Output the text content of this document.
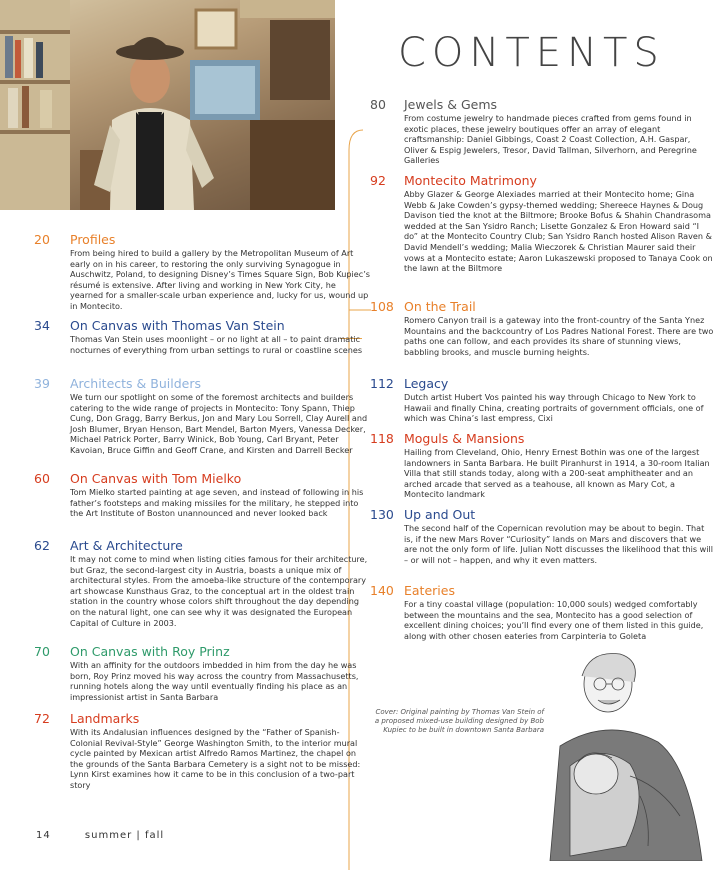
CONTENTS
20	Profiles
From being hired to build a gallery by the Metropolitan Museum of Art early on in his career, to restoring the only surviving Synagogue in Auschwitz, Poland, to designing Disney’s Times Square Sign, Bob Kupiec’s résumé is extensive. After living and working in New York City, he yearned for a smaller-scale urban experience and, lucky for us, wound up in Montecito.
34	On Canvas with Thomas Van Stein
Thomas Van Stein uses moonlight – or no light at all – to paint dramatic nocturnes of everything from urban settings to rural or coastline scenes
39	Architects & Builders
We turn our spotlight on some of the foremost architects and builders catering to the wide range of projects in Montecito: Tony Spann, Thiep Cung, Don Gragg, Barry Berkus, Jon and Mary Lou Sorrell, Clay Aurell and Josh Blumer, Bryan Henson, Bart Mendel, Barton Myers, Vanessa Decker, Michael Patrick Porter, Barry Winick, Bob Young, Carl Bryant, Peter Kavoian, Bruce Giffin and Geoff Crane, and Kirsten and Darrell Becker
60	On Canvas with Tom Mielko
Tom Mielko started painting at age seven, and instead of following in his father’s footsteps and making missiles for the military, he stepped into the Art Institute of Boston unannounced and never looked back
62	Art & Architecture
It may not come to mind when listing cities famous for their architecture, but Graz, the second-largest city in Austria, boasts a unique mix of architectural styles. From the amoeba-like structure of the contemporary art showcase Kunsthaus Graz, to the conceptual art in the oldest train station in the country whose colors shift throughout the day depending on the natural light, one can see why it was designated the European Capital of Culture in 2003.
70	On Canvas with Roy Prinz
With an affinity for the outdoors imbedded in him from the day he was born, Roy Prinz moved his way across the country from Massachusetts, running hotels along the way until eventually finding his place as an impressionist artist in Santa Barbara
72	Landmarks
With its Andalusian influences designed by the “Father of Spanish-Colonial Revival-Style” George Washington Smith, to the interior mural cycle painted by Mexican artist Alfredo Ramos Martinez, the chapel on the grounds of the Santa Barbara Cemetery is a sight not to be missed: Lynn Kirst examines how it came to be in this conclusion of a two-part story
80	Jewels & Gems
From costume jewelry to handmade pieces crafted from gems found in exotic places, these jewelry boutiques offer an array of elegant craftsmanship: Daniel Gibbings, Coast 2 Coast Collection, A.H. Gaspar, Oliver & Espig Jewelers, Tresor, David Tallman, Silverhorn, and Peregrine Galleries
92	Montecito Matrimony
Abby Glazer & George Alexiades married at their Montecito home; Gina Webb & Jake Cowden’s gypsy-themed wedding; Shereece Haynes & Doug Davison tied the knot at the Biltmore; Brooke Bofus & Shahin Chandrasoma wedded at the San Ysidro Ranch; Lisette Gonzalez & Eron Howard said “I do” at the Montecito Country Club; San Ysidro Ranch hosted Alison Raven & David Mendell’s wedding; Malia Wieczorek & Christian Maurer said their vows at a Montecito estate; Aaron Lukaszewski proposed to Tanaya Cook on the lawn at the Biltmore
108 On the Trail
Romero Canyon trail is a gateway into the front-country of the Santa Ynez Mountains and the backcountry of Los Padres National Forest. There are two paths one can follow, and each provides its share of stunning views, babbling brooks, and muscle burning heights.
112 Legacy
Dutch artist Hubert Vos painted his way through Chicago to New York to Hawaii and finally China, creating portraits of government officials, one of which was China’s last empress, Cixi
118 Moguls & Mansions
Hailing from Cleveland, Ohio, Henry Ernest Bothin was one of the largest landowners in Santa Barbara. He built Piranhurst in 1914, a 30-room Italian Villa that still stands today, along with a 200-seat amphitheater and an arched arcade that served as a teahouse, all known as Mary Cot, a Montecito landmark
130 Up and Out
The second half of the Copernican revolution may be about to begin. That is, if the new Mars Rover “Curiosity” lands on Mars and discovers that we are not the only form of life. Julian Nott discusses the likelihood that this will – or will not – happen, and why it even matters.
140 Eateries
For a tiny coastal village (population: 10,000 souls) wedged comfortably between the mountains and the sea, Montecito has a good selection of excellent dining choices; you’ll find every one of them listed in this guide, along with other chosen eateries from Carpinteria to Goleta
Cover: Original painting by Thomas Van Stein of a proposed mixed-use building designed by Bob Kupiec to be built in downtown Santa Barbara
14	summer | fall
